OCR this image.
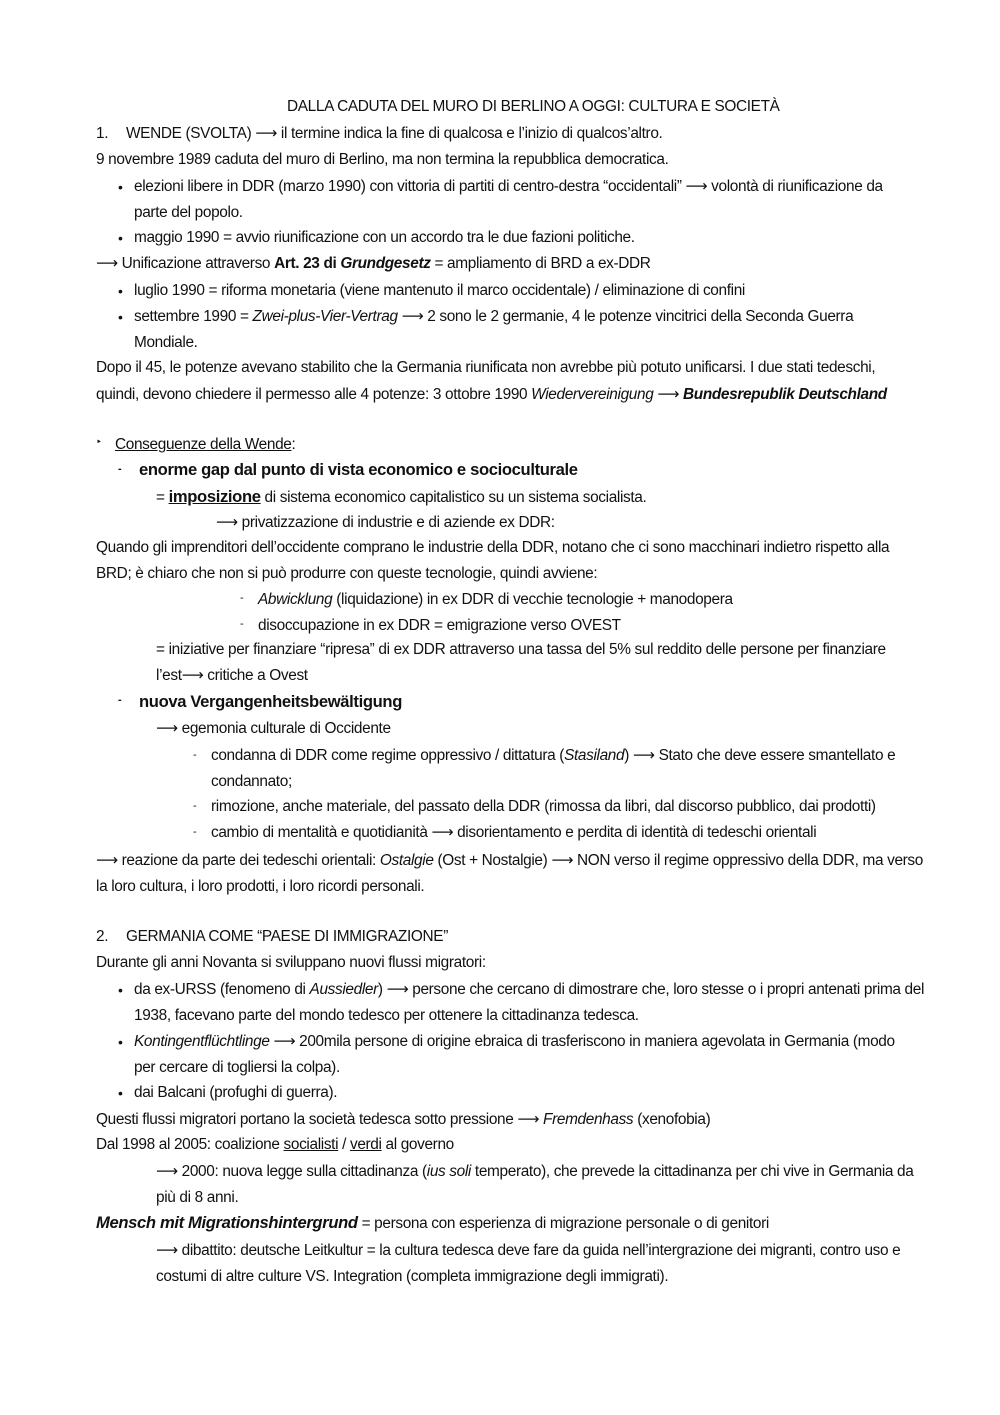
DALLA CADUTA DEL MURO DI BERLINO A OGGI: CULTURA E SOCIETÀ
1. WENDE (SVOLTA) ⟶ il termine indica la fine di qualcosa e l’inizio di qualcos’altro.
9 novembre 1989 caduta del muro di Berlino, ma non termina la repubblica democratica.
• elezioni libere in DDR (marzo 1990) con vittoria di partiti di centro-destra “occidentali” ⟶ volontà di riunificazione da
parte del popolo.
• maggio 1990 = avvio riunificazione con un accordo tra le due fazioni politiche.
⟶ Unificazione attraverso Art. 23 di Grundgesetz = ampliamento di BRD a ex-DDR
• luglio 1990 = riforma monetaria (viene mantenuto il marco occidentale) / eliminazione di confini
• settembre 1990 = Zwei-plus-Vier-Vertrag ⟶ 2 sono le 2 germanie, 4 le potenze vincitrici della Seconda Guerra
Mondiale.
Dopo il 45, le potenze avevano stabilito che la Germania riunificata non avrebbe più potuto unificarsi. I due stati tedeschi,
quindi, devono chiedere il permesso alle 4 potenze: 3 ottobre 1990 Wiedervereinigung ⟶ Bundesrepublik Deutschland
‣ Conseguenze della Wende:
- enorme gap dal punto di vista economico e socioculturale
= imposizione di sistema economico capitalistico su un sistema socialista.
⟶ privatizzazione di industrie e di aziende ex DDR:
Quando gli imprenditori dell’occidente comprano le industrie della DDR, notano che ci sono macchinari indietro rispetto alla
BRD; è chiaro che non si può produrre con queste tecnologie, quindi avviene:
- Abwicklung (liquidazione) in ex DDR di vecchie tecnologie + manodopera
- disoccupazione in ex DDR = emigrazione verso OVEST
= iniziative per finanziare “ripresa” di ex DDR attraverso una tassa del 5% sul reddito delle persone per finanziare
l’est⟶ critiche a Ovest
- nuova Vergangenheitsbewältigung
⟶ egemonia culturale di Occidente
- condanna di DDR come regime oppressivo / dittatura (Stasiland) ⟶ Stato che deve essere smantellato e
condannato;
- rimozione, anche materiale, del passato della DDR (rimossa da libri, dal discorso pubblico, dai prodotti)
- cambio di mentalità e quotidianità ⟶ disorientamento e perdita di identità di tedeschi orientali
⟶ reazione da parte dei tedeschi orientali: Ostalgie (Ost + Nostalgie) ⟶ NON verso il regime oppressivo della DDR, ma verso
la loro cultura, i loro prodotti, i loro ricordi personali.
2. GERMANIA COME “PAESE DI IMMIGRAZIONE”
Durante gli anni Novanta si sviluppano nuovi flussi migratori:
• da ex-URSS (fenomeno di Aussiedler) ⟶ persone che cercano di dimostrare che, loro stesse o i propri antenati prima del
1938, facevano parte del mondo tedesco per ottenere la cittadinanza tedesca.
• Kontingentflüchtlinge ⟶ 200mila persone di origine ebraica di trasferiscono in maniera agevolata in Germania (modo
per cercare di togliersi la colpa).
• dai Balcani (profughi di guerra).
Questi flussi migratori portano la società tedesca sotto pressione ⟶ Fremdenhass (xenofobia)
Dal 1998 al 2005: coalizione socialisti / verdi al governo
⟶ 2000: nuova legge sulla cittadinanza (ius soli temperato), che prevede la cittadinanza per chi vive in Germania da
più di 8 anni.
Mensch mit Migrationshintergrund = persona con esperienza di migrazione personale o di genitori
⟶ dibattito: deutsche Leitkultur = la cultura tedesca deve fare da guida nell’intergrazione dei migranti, contro uso e
costumi di altre culture VS. Integration (completa immigrazione degli immigrati).
